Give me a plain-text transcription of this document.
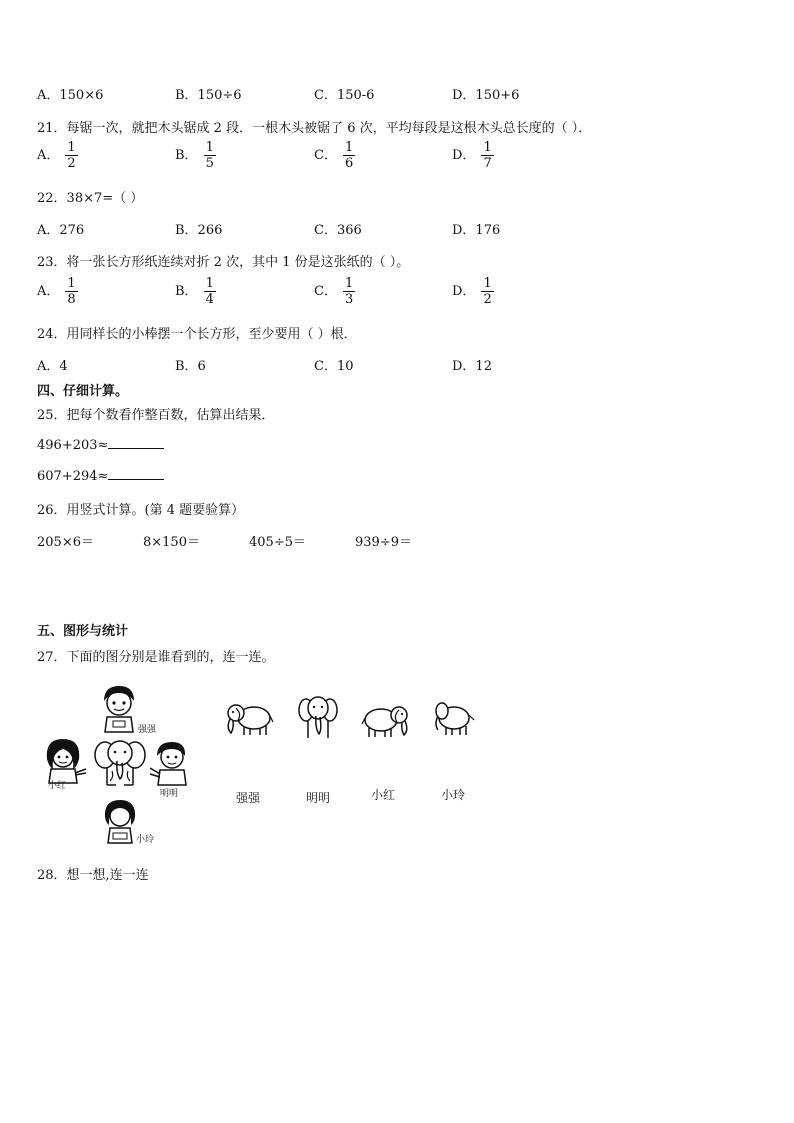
A．150×6	B．150÷6	C．150-6	D．150+6
21．每锯一次，就把木头锯成 2 段．一根木头被锯了 6 次，平均每段是这根木头总长度的（ ）．
A． $\frac{1}{2}$	B． $\frac{1}{5}$	C． $\frac{1}{6}$	D． $\frac{1}{7}$
22．38×7=（ ）
A．276	B．266	C．366	D．176
23．将一张长方形纸连续对折 2 次，其中 1 份是这张纸的（ ）。
A． $\frac{1}{8}$	B． $\frac{1}{4}$	C． $\frac{1}{3}$	D． $\frac{1}{2}$
24．用同样长的小棒摆一个长方形，至少要用（ ）根．
A．4	B．6	C．10	D．12
四、仔细计算。
25．把每个数看作整百数，估算出结果．
496+203≈
607+294≈
26．用竖式计算。(第 4 题要验算）
205×6＝	8×150＝	405÷5＝	939÷9＝
五、图形与统计
27．下面的图分别是谁看到的，连一连。
强强
小红
明明
小玲
强强	明明	小红	小玲
28．想一想,连一连
